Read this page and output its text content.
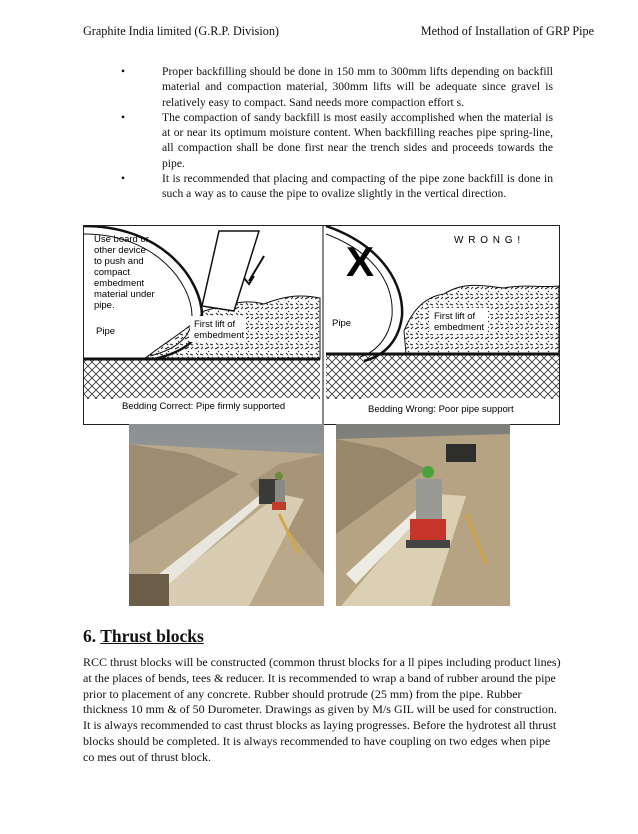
Graphite India limited (G.R.P. Division)	Method of Installation of GRP Pipe
•	Proper backfilling should be done in 150 mm to 300mm lifts depending on backfill material and compaction material, 300mm lifts will be adequate since gravel is relatively easy to compact. Sand needs more compaction effort s.
•	The compaction of sandy backfill is most easily accomplished when the material is at or near its optimum moisture content. When backfilling reaches pipe spring-line, all compaction shall be done first near the trench sides and proceeds towards the pipe.
•	It is recommended that placing and compacting of the pipe zone backfill is done in such a way as to cause the pipe to ovalize slightly in the vertical direction.
Use board or
other device
to push and
compact
embedment
material under
pipe.
Pipe
First lift of
embedment
Bedding Correct: Pipe firmly supported
X	W R O N G !
Pipe
First lift of
embedment
Bedding Wrong: Poor pipe support
6. Thrust blocks

RCC thrust blocks will be constructed (common thrust blocks for a ll pipes including product lines) at the places of bends, tees & reducer. It is recommended to wrap a band of rubber around the pipe prior to placement of any concrete. Rubber should protrude (25 mm) from the pipe. Rubber thickness 10 mm & of 50 Durometer. Drawings as given by M/s GIL will be used for construction. It is always recommended to cast thrust blocks as laying progresses. Before the hydrotest all thrust blocks should be completed. It is always recommended to have coupling on two edges when pipe co mes out of thrust block.
